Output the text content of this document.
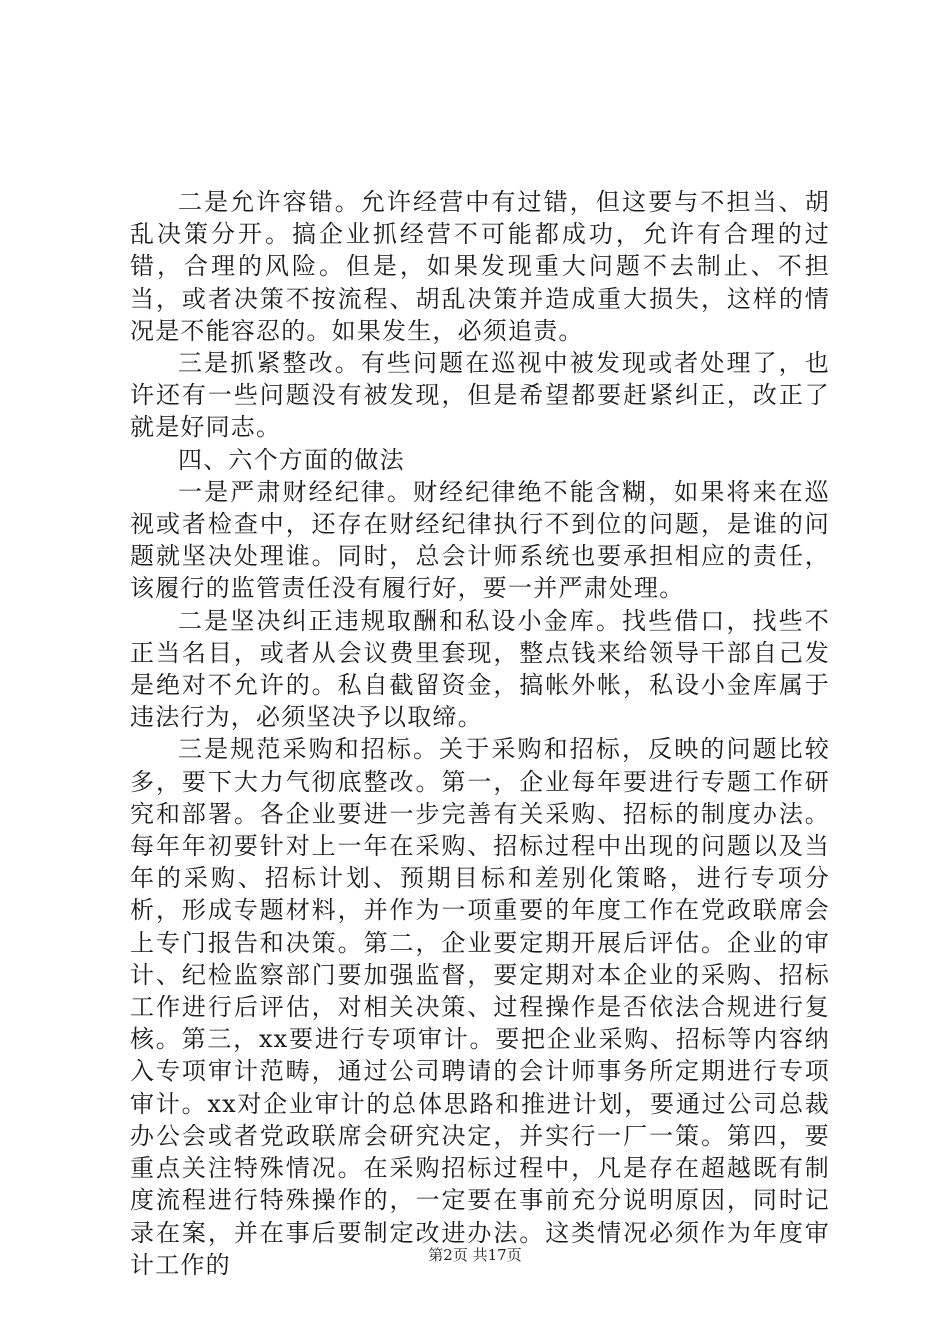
二是允许容错。允许经营中有过错，但这要与不担当、胡乱决策分开。搞企业抓经营不可能都成功，允许有合理的过错，合理的风险。但是，如果发现重大问题不去制止、不担当，或者决策不按流程、胡乱决策并造成重大损失，这样的情况是不能容忍的。如果发生，必须追责。

三是抓紧整改。有些问题在巡视中被发现或者处理了，也许还有一些问题没有被发现，但是希望都要赶紧纠正，改正了就是好同志。

四、六个方面的做法

一是严肃财经纪律。财经纪律绝不能含糊，如果将来在巡视或者检查中，还存在财经纪律执行不到位的问题，是谁的问题就坚决处理谁。同时，总会计师系统也要承担相应的责任，该履行的监管责任没有履行好，要一并严肃处理。

二是坚决纠正违规取酬和私设小金库。找些借口，找些不正当名目，或者从会议费里套现，整点钱来给领导干部自己发是绝对不允许的。私自截留资金，搞帐外帐，私设小金库属于违法行为，必须坚决予以取缔。

三是规范采购和招标。关于采购和招标，反映的问题比较多，要下大力气彻底整改。第一，企业每年要进行专题工作研究和部署。各企业要进一步完善有关采购、招标的制度办法。每年年初要针对上一年在采购、招标过程中出现的问题以及当年的采购、招标计划、预期目标和差别化策略，进行专项分析，形成专题材料，并作为一项重要的年度工作在党政联席会上专门报告和决策。第二，企业要定期开展后评估。企业的审计、纪检监察部门要加强监督，要定期对本企业的采购、招标工作进行后评估，对相关决策、过程操作是否依法合规进行复核。第三，xx要进行专项审计。要把企业采购、招标等内容纳入专项审计范畴，通过公司聘请的会计师事务所定期进行专项审计。xx对企业审计的总体思路和推进计划，要通过公司总裁办公会或者党政联席会研究决定，并实行一厂一策。第四，要重点关注特殊情况。在采购招标过程中，凡是存在超越既有制度流程进行特殊操作的，一定要在事前充分说明原因，同时记录在案，并在事后要制定改进办法。这类情况必须作为年度审计工作的	第2页 共17页
